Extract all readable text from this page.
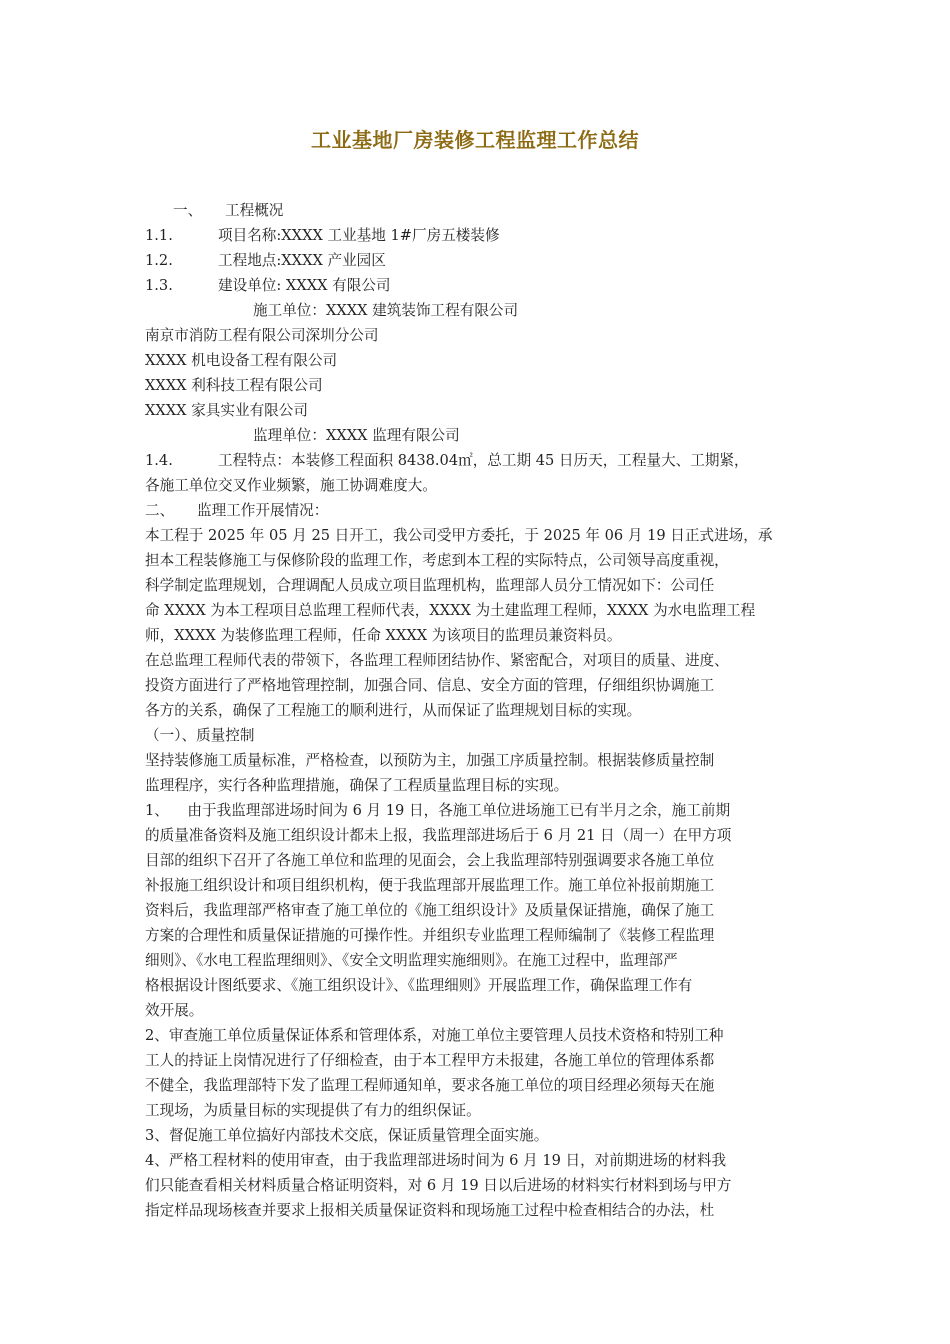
工业基地厂房装修工程监理工作总结
一、 工程概况
1.1.	项目名称:XXXX 工业基地 1#厂房五楼装修
1.2.	工程地点:XXXX 产业园区
1.3.	建设单位: XXXX 有限公司
施工单位：XXXX 建筑装饰工程有限公司
南京市消防工程有限公司深圳分公司
XXXX 机电设备工程有限公司
XXXX 利科技工程有限公司
XXXX 家具实业有限公司
监理单位：XXXX 监理有限公司
1.4.	工程特点：本装修工程面积 8438.04㎡，总工期 45 日历天，工程量大、工期紧，
各施工单位交叉作业频繁，施工协调难度大。
二、 监理工作开展情况：
本工程于 2025 年 05 月 25 日开工，我公司受甲方委托，于 2025 年 06 月 19 日正式进场，承
担本工程装修施工与保修阶段的监理工作，考虑到本工程的实际特点，公司领导高度重视，
科学制定监理规划，合理调配人员成立项目监理机构，监理部人员分工情况如下：公司任
命 XXXX 为本工程项目总监理工程师代表，XXXX 为土建监理工程师，XXXX 为水电监理工程
师，XXXX 为装修监理工程师，任命 XXXX 为该项目的监理员兼资料员。
在总监理工程师代表的带领下，各监理工程师团结协作、紧密配合，对项目的质量、进度、
投资方面进行了严格地管理控制，加强合同、信息、安全方面的管理，仔细组织协调施工
各方的关系，确保了工程施工的顺利进行，从而保证了监理规划目标的实现。
（一）、质量控制
坚持装修施工质量标准，严格检查，以预防为主，加强工序质量控制。根据装修质量控制
监理程序，实行各种监理措施，确保了工程质量监理目标的实现。
1、    由于我监理部进场时间为 6 月 19 日，各施工单位进场施工已有半月之余，施工前期
的质量准备资料及施工组织设计都未上报，我监理部进场后于 6 月 21 日（周一）在甲方项
目部的组织下召开了各施工单位和监理的见面会，会上我监理部特别强调要求各施工单位
补报施工组织设计和项目组织机构，便于我监理部开展监理工作。施工单位补报前期施工
资料后，我监理部严格审查了施工单位的《施工组织设计》及质量保证措施，确保了施工
方案的合理性和质量保证措施的可操作性。并组织专业监理工程师编制了《装修工程监理
细则》、《水电工程监理细则》、《安全文明监理实施细则》。在施工过程中，监理部严
格根据设计图纸要求、《施工组织设计》、《监理细则》开展监理工作，确保监理工作有
效开展。
2、审查施工单位质量保证体系和管理体系，对施工单位主要管理人员技术资格和特别工种
工人的持证上岗情况进行了仔细检查，由于本工程甲方未报建，各施工单位的管理体系都
不健全，我监理部特下发了监理工程师通知单，要求各施工单位的项目经理必须每天在施
工现场，为质量目标的实现提供了有力的组织保证。
3、督促施工单位搞好内部技术交底，保证质量管理全面实施。
4、严格工程材料的使用审查，由于我监理部进场时间为 6 月 19 日，对前期进场的材料我
们只能查看相关材料质量合格证明资料，对 6 月 19 日以后进场的材料实行材料到场与甲方
指定样品现场核查并要求上报相关质量保证资料和现场施工过程中检查相结合的办法，杜
